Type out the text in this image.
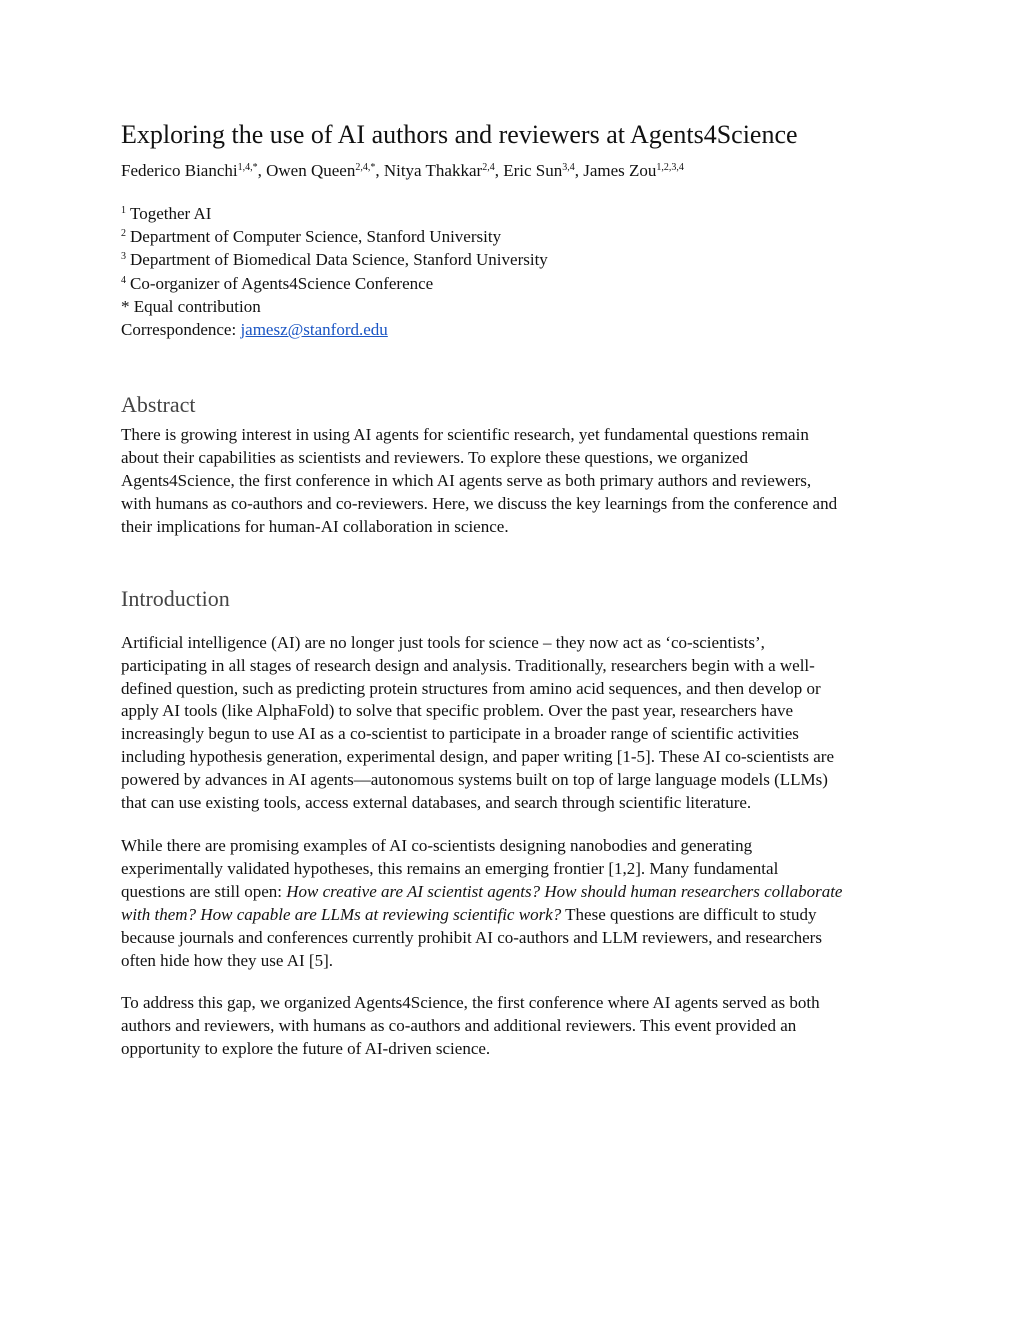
Exploring the use of AI authors and reviewers at Agents4Science
Federico Bianchi$^{1,4,*}$, Owen Queen$^{2,4,*}$, Nitya Thakkar$^{2,4}$, Eric Sun$^{3,4}$, James Zou$^{1,2,3,4}$
$^1$ Together AI
$^2$ Department of Computer Science, Stanford University
$^3$ Department of Biomedical Data Science, Stanford University
$^4$ Co-organizer of Agents4Science Conference
* Equal contribution
Correspondence: jamesz@stanford.edu
Abstract
There is growing interest in using AI agents for scientific research, yet fundamental questions remain
about their capabilities as scientists and reviewers. To explore these questions, we organized
Agents4Science, the first conference in which AI agents serve as both primary authors and reviewers,
with humans as co-authors and co-reviewers. Here, we discuss the key learnings from the conference and
their implications for human-AI collaboration in science.
Introduction
Artificial intelligence (AI) are no longer just tools for science – they now act as ‘co-scientists’,
participating in all stages of research design and analysis. Traditionally, researchers begin with a well-
defined question, such as predicting protein structures from amino acid sequences, and then develop or
apply AI tools (like AlphaFold) to solve that specific problem. Over the past year, researchers have
increasingly begun to use AI as a co-scientist to participate in a broader range of scientific activities
including hypothesis generation, experimental design, and paper writing [1-5]. These AI co-scientists are
powered by advances in AI agents—autonomous systems built on top of large language models (LLMs)
that can use existing tools, access external databases, and search through scientific literature.
While there are promising examples of AI co-scientists designing nanobodies and generating
experimentally validated hypotheses, this remains an emerging frontier [1,2]. Many fundamental
questions are still open: How creative are AI scientist agents? How should human researchers collaborate
with them? How capable are LLMs at reviewing scientific work? These questions are difficult to study
because journals and conferences currently prohibit AI co-authors and LLM reviewers, and researchers
often hide how they use AI [5].
To address this gap, we organized Agents4Science, the first conference where AI agents served as both
authors and reviewers, with humans as co-authors and additional reviewers. This event provided an
opportunity to explore the future of AI-driven science.
